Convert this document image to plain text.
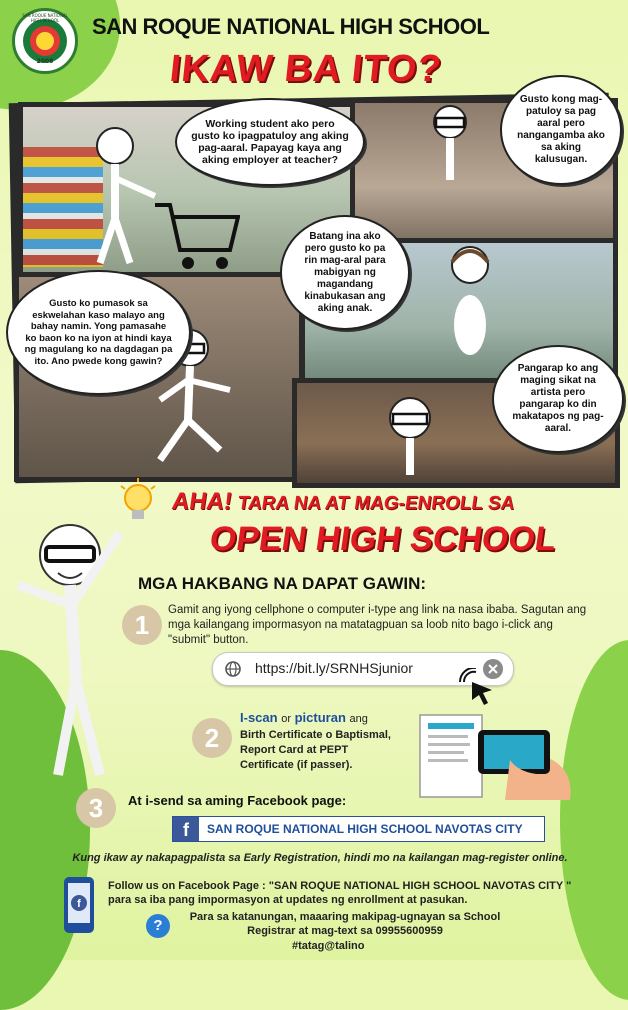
2008
SAN ROQUE NATIONAL HIGH SCHOOL	SAN ROQUE NATIONAL HIGH SCHOOL
IKAW BA ITO?
Working student ako pero gusto ko ipagpatuloy ang aking pag-aaral. Papayag kaya ang aking employer at teacher?
Gusto kong mag-patuloy sa pag aaral pero nangangamba ako sa aking kalusugan.
Batang ina ako pero gusto ko pa rin mag-aral para mabigyan ng magandang kinabukasan ang aking anak.
Gusto ko pumasok sa eskwelahan kaso malayo ang bahay namin. Yong pamasahe ko baon ko na iyon at hindi kaya ng magulang ko na dagdagan pa ito. Ano pwede kong gawin?
Pangarap ko ang maging sikat na artista pero pangarap ko din makatapos ng pag-aaral.
AHA! TARA NA AT MAG-ENROLL SA
OPEN HIGH SCHOOL
MGA HAKBANG NA DAPAT GAWIN:
1	Gamit ang iyong cellphone o computer i-type ang link na nasa ibaba. Sagutan ang mga kailangang impormasyon na matatagpuan sa loob nito bago i-click ang "submit" button.
https://bit.ly/SRNHSjunior
2
I-scan or picturan ang
Birth Certificate o Baptismal, Report Card at PEPT Certificate (if passer).
3	At i-send sa aming Facebook page:
f	SAN ROQUE NATIONAL HIGH SCHOOL NAVOTAS CITY
Kung ikaw ay nakapagpalista sa Early Registration, hindi mo na kailangan mag-register online.
f
Follow us on Facebook Page : "SAN ROQUE NATIONAL HIGH SCHOOL NAVOTAS CITY " para sa iba pang impormasyon at updates ng enrollment at pasukan.
?	Para sa katanungan, maaaring makipag-ugnayan sa School Registrar at mag-text sa 09955600959
#tatag@talino
